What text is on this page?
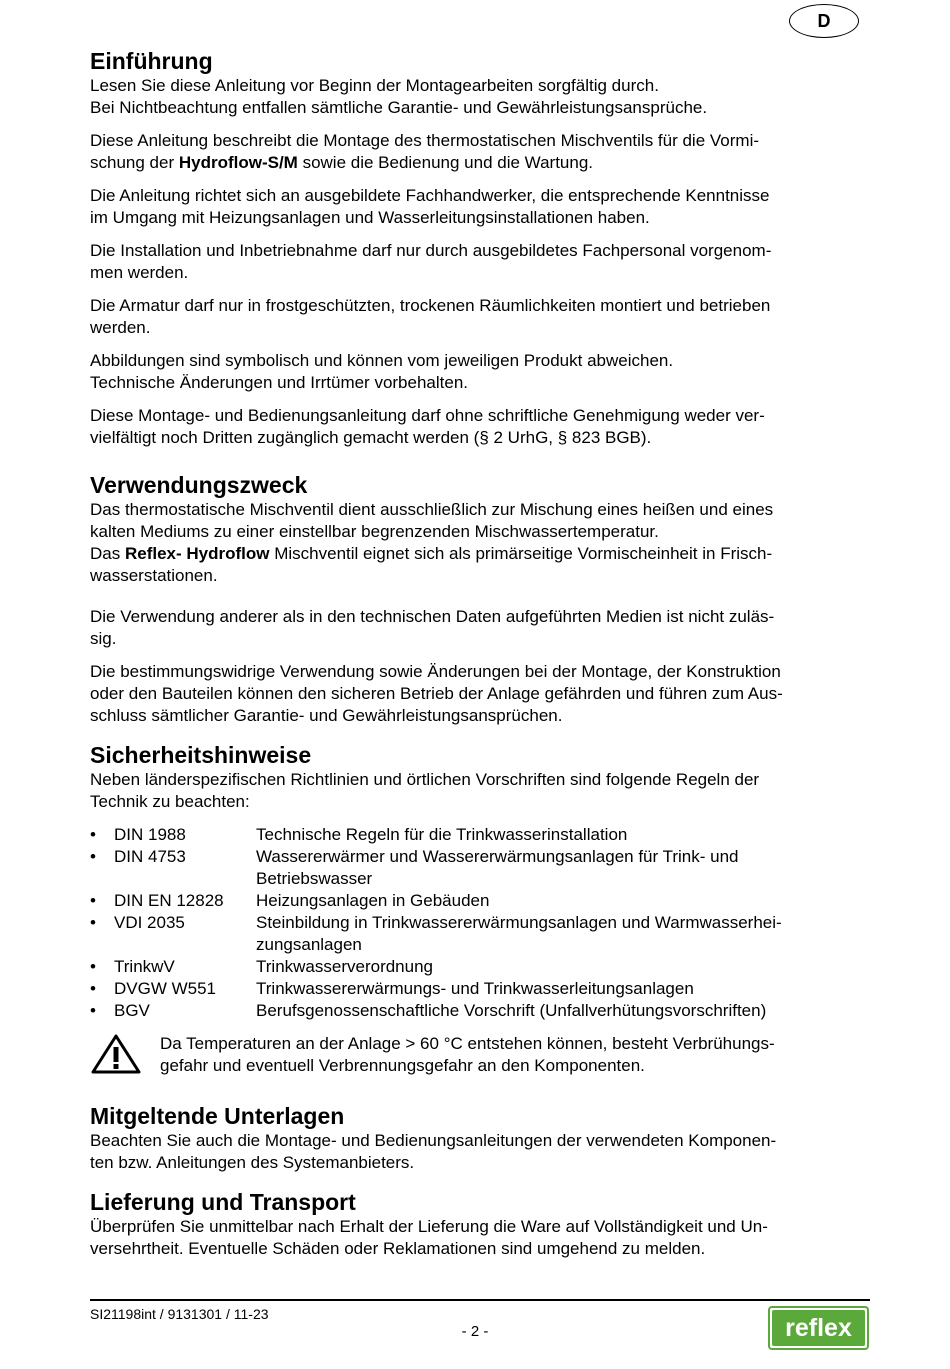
D
Einführung

Lesen Sie diese Anleitung vor Beginn der Montagearbeiten sorgfältig durch.
Bei Nichtbeachtung entfallen sämtliche Garantie- und Gewährleistungsansprüche.

Diese Anleitung beschreibt die Montage des thermostatischen Mischventils für die Vormi-
schung der Hydroflow-S/M sowie die Bedienung und die Wartung.

Die Anleitung richtet sich an ausgebildete Fachhandwerker, die entsprechende Kenntnisse
im Umgang mit Heizungsanlagen und Wasserleitungsinstallationen haben.

Die Installation und Inbetriebnahme darf nur durch ausgebildetes Fachpersonal vorgenom-
men werden.

Die Armatur darf nur in frostgeschützten, trockenen Räumlichkeiten montiert und betrieben
werden.

Abbildungen sind symbolisch und können vom jeweiligen Produkt abweichen.
Technische Änderungen und Irrtümer vorbehalten.

Diese Montage- und Bedienungsanleitung darf ohne schriftliche Genehmigung weder ver-
vielfältigt noch Dritten zugänglich gemacht werden (§ 2 UrhG, § 823 BGB).

Verwendungszweck

Das thermostatische Mischventil dient ausschließlich zur Mischung eines heißen und eines
kalten Mediums zu einer einstellbar begrenzenden Mischwassertemperatur.
Das Reflex- Hydroflow Mischventil eignet sich als primärseitige Vormischeinheit in Frisch-
wasserstationen.

Die Verwendung anderer als in den technischen Daten aufgeführten Medien ist nicht zuläs-
sig.

Die bestimmungswidrige Verwendung sowie Änderungen bei der Montage, der Konstruktion
oder den Bauteilen können den sicheren Betrieb der Anlage gefährden und führen zum Aus-
schluss sämtlicher Garantie- und Gewährleistungsansprüchen.

Sicherheitshinweise

Neben länderspezifischen Richtlinien und örtlichen Vorschriften sind folgende Regeln der
Technik zu beachten:

•	DIN 1988	Technische Regeln für die Trinkwasserinstallation
•	DIN 4753	Wassererwärmer und Wassererwärmungsanlagen für Trink- und
Betriebswasser
•	DIN EN 12828	Heizungsanlagen in Gebäuden
•	VDI 2035	Steinbildung in Trinkwassererwärmungsanlagen und Warmwasserhei-
zungsanlagen
•	TrinkwV	Trinkwasserverordnung
•	DVGW W551	Trinkwassererwärmungs- und Trinkwasserleitungsanlagen
•	BGV	Berufsgenossenschaftliche Vorschrift (Unfallverhütungsvorschriften)

Da Temperaturen an der Anlage > 60 °C entstehen können, besteht Verbrühungs-
gefahr und eventuell Verbrennungsgefahr an den Komponenten.

Mitgeltende Unterlagen

Beachten Sie auch die Montage- und Bedienungsanleitungen der verwendeten Komponen-
ten bzw. Anleitungen des Systemanbieters.

Lieferung und Transport

Überprüfen Sie unmittelbar nach Erhalt der Lieferung die Ware auf Vollständigkeit und Un-
versehrtheit. Eventuelle Schäden oder Reklamationen sind umgehend zu melden.

SI21198int / 9131301 / 11-23
- 2 -	reflex
